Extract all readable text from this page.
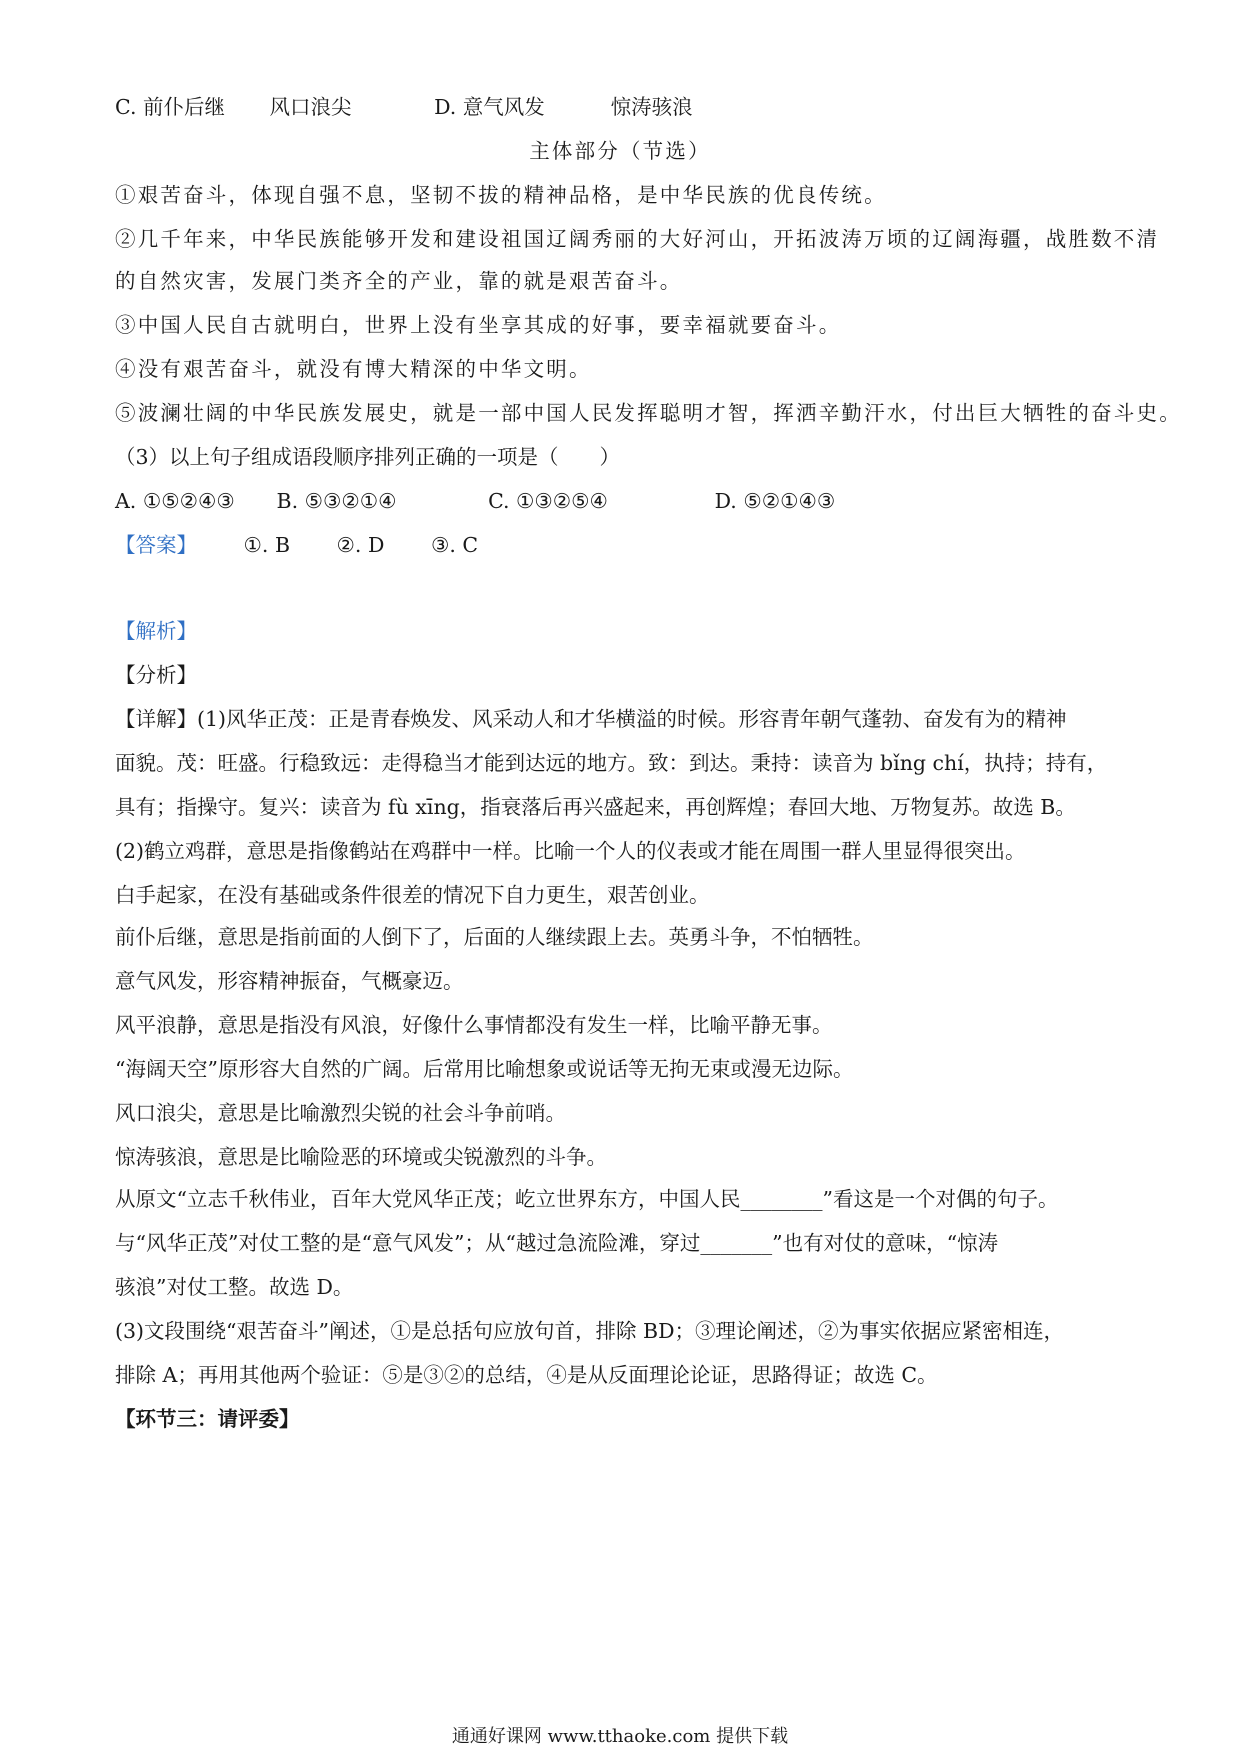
C. 前仆后继 风口浪尖	D. 意气风发	惊涛骇浪
主体部分（节选）
①艰苦奋斗，体现自强不息，坚韧不拔的精神品格，是中华民族的优良传统。
②几千年来，中华民族能够开发和建设祖国辽阔秀丽的大好河山，开拓波涛万顷的辽阔海疆，战胜数不清
的自然灾害，发展门类齐全的产业，靠的就是艰苦奋斗。
③中国人民自古就明白，世界上没有坐享其成的好事，要幸福就要奋斗。
④没有艰苦奋斗，就没有博大精深的中华文明。
⑤波澜壮阔的中华民族发展史，就是一部中国人民发挥聪明才智，挥洒辛勤汗水，付出巨大牺牲的奋斗史。
（3）以上句子组成语段顺序排列正确的一项是（　　）
A. ①⑤②④③ B. ⑤③②①④	C. ①③②⑤④	D. ⑤②①④③
【答案】 ①. B ②. D ③. C
【解析】
【分析】
【详解】(1)风华正茂：正是青春焕发、风采动人和才华横溢的时候。形容青年朝气蓬勃、奋发有为的精神
面貌。茂：旺盛。行稳致远：走得稳当才能到达远的地方。致：到达。秉持：读音为 bǐng chí，执持；持有，
具有；指操守。复兴：读音为 fù xīng，指衰落后再兴盛起来，再创辉煌；春回大地、万物复苏。故选 B。
(2)鹤立鸡群，意思是指像鹤站在鸡群中一样。比喻一个人的仪表或才能在周围一群人里显得很突出。
白手起家，在没有基础或条件很差的情况下自力更生，艰苦创业。
前仆后继，意思是指前面的人倒下了，后面的人继续跟上去。英勇斗争，不怕牺牲。
意气风发，形容精神振奋，气概豪迈。
风平浪静，意思是指没有风浪，好像什么事情都没有发生一样，比喻平静无事。
“海阔天空”原形容大自然的广阔。后常用比喻想象或说话等无拘无束或漫无边际。
风口浪尖，意思是比喻激烈尖锐的社会斗争前哨。
惊涛骇浪，意思是比喻险恶的环境或尖锐激烈的斗争。
从原文“立志千秋伟业，百年大党风华正茂；屹立世界东方，中国人民________”看这是一个对偶的句子。
与“风华正茂”对仗工整的是“意气风发”；从“越过急流险滩，穿过_______”也有对仗的意味，“惊涛
骇浪”对仗工整。故选 D。
(3)文段围绕“艰苦奋斗”阐述，①是总括句应放句首，排除 BD；③理论阐述，②为事实依据应紧密相连，
排除 A；再用其他两个验证：⑤是③②的总结，④是从反面理论论证，思路得证；故选 C。
【环节三：请评委】
通通好课网 www.tthaoke.com 提供下载
